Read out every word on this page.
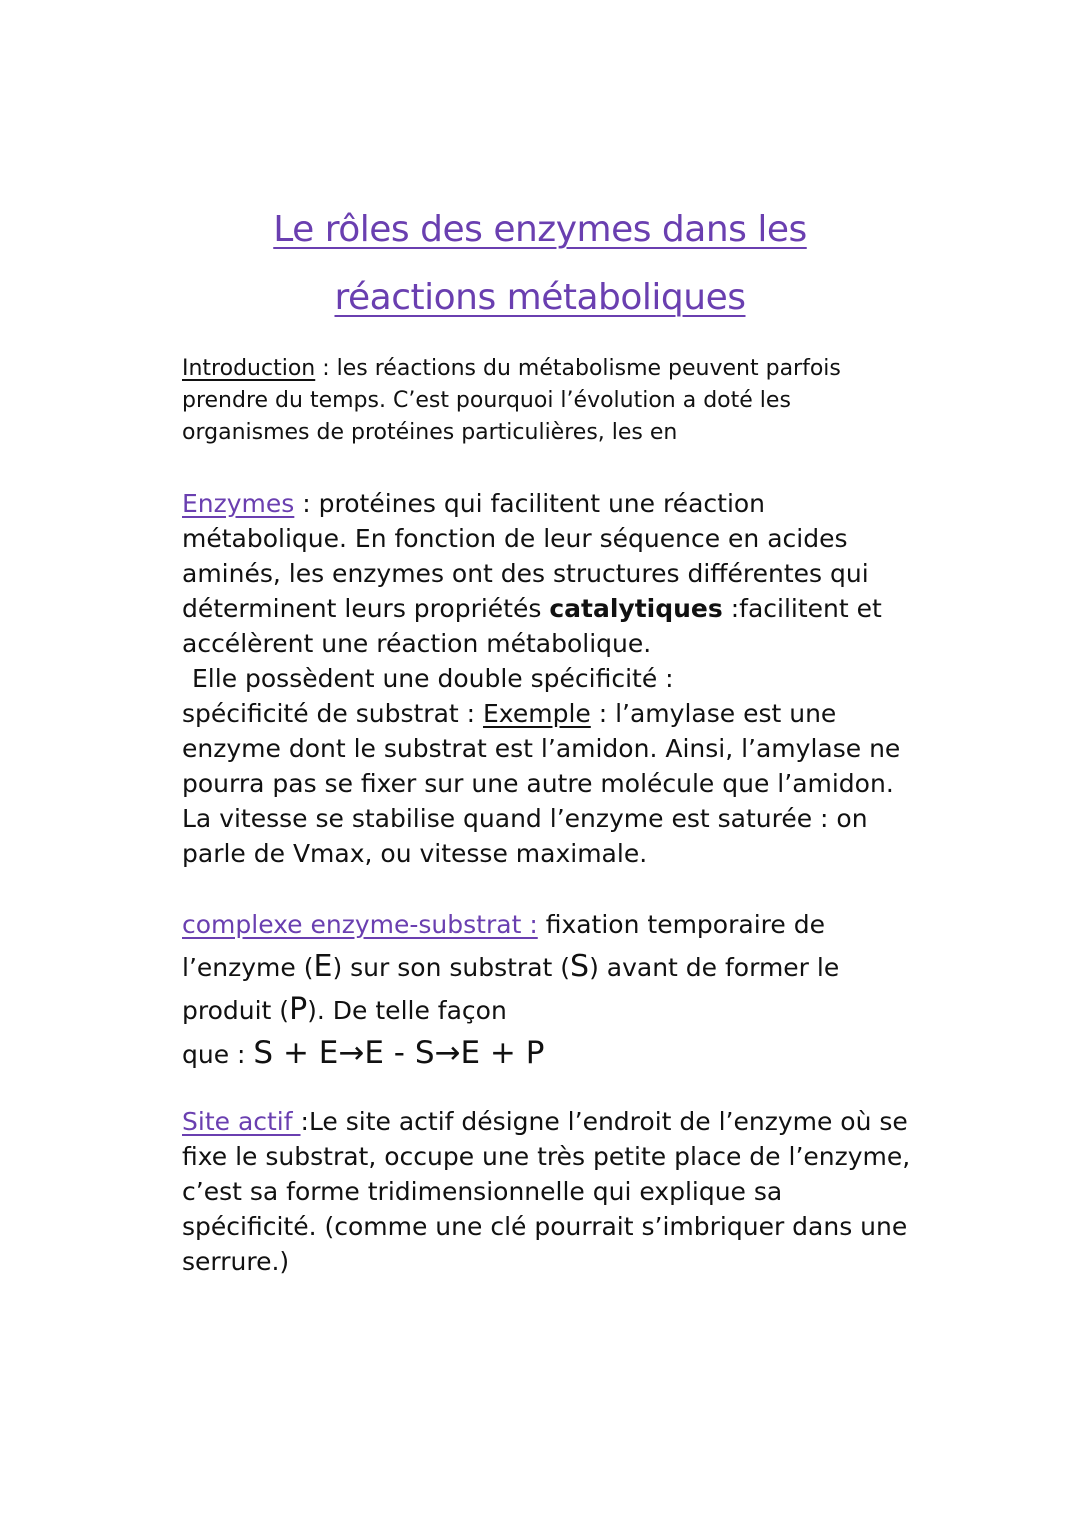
Le rôles des enzymes dans les
réactions métaboliques
Introduction : les réactions du métabolisme peuvent parfois prendre du temps. C’est pourquoi l’évolution a doté les organismes de protéines particulières, les en

Enzymes : protéines qui facilitent une réaction métabolique. En fonction de leur séquence en acides aminés, les enzymes ont des structures différentes qui déterminent leurs propriétés catalytiques :facilitent et accélèrent une réaction métabolique.

Elle possèdent une double spécificité :

spécificité de substrat : Exemple : l’amylase est une enzyme dont le substrat est l’amidon. Ainsi, l’amylase ne pourra pas se fixer sur une autre molécule que l’amidon. La vitesse se stabilise quand l’enzyme est saturée : on parle de Vmax, ou vitesse maximale.

complexe enzyme-substrat : fixation temporaire de l’enzyme (E) sur son substrat (S) avant de former le produit (P). De telle façon

que : S + E→E - S→E + P

Site actif :Le site actif désigne l’endroit de l’enzyme où se fixe le substrat, occupe une très petite place de l’enzyme, c’est sa forme tridimensionnelle qui explique sa spécificité. (comme une clé pourrait s’imbriquer dans une serrure.)
